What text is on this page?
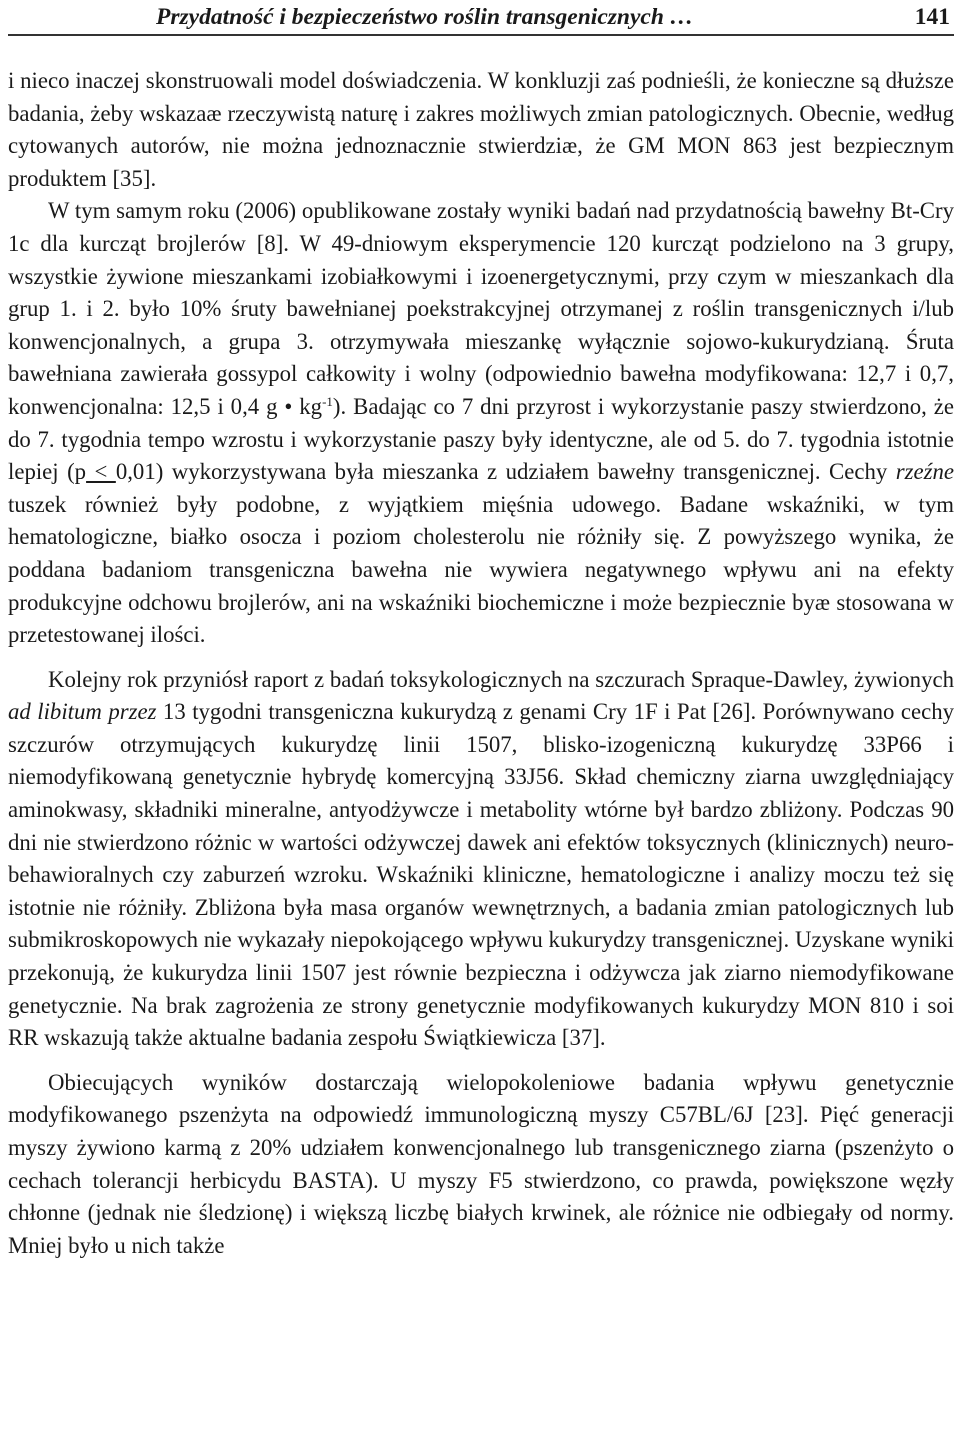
Przydatność i bezpieczeństwo roślin transgenicznych …	141

i nieco inaczej skonstruowali model doświadczenia. W konkluzji zaś podnieśli, że konieczne są dłuższe badania, żeby wskazaæ rzeczywistą naturę i zakres możliwych zmian patologicznych. Obecnie, według cytowanych autorów, nie można jednoznacznie stwierdziæ, że GM MON 863 jest bezpiecznym produktem [35].

W tym samym roku (2006) opublikowane zostały wyniki badań nad przydatnością bawełny Bt-Cry 1c dla kurcząt brojlerów [8]. W 49-dniowym eksperymencie 120 kurcząt podzielono na 3 grupy, wszystkie żywione mieszankami izobiałkowymi i izoenergetycznymi, przy czym w mieszankach dla grup 1. i 2. było 10% śruty bawełnianej poekstrakcyjnej otrzymanej z roślin transgenicznych i/lub konwencjonalnych, a grupa 3. otrzymywała mieszankę wyłącznie sojowo-kukurydzianą. Śruta bawełniana zawierała gossypol całkowity i wolny (odpowiednio bawełna modyfikowana: 12,7 i 0,7, konwencjonalna: 12,5 i 0,4 g • $kg^{-1}$). Badając co 7 dni przyrost i wykorzystanie paszy stwierdzono, że do 7. tygodnia tempo wzrostu i wykorzystanie paszy były identyczne, ale od 5. do 7. tygodnia istotnie lepiej (p < 0,01) wykorzystywana była mieszanka z udziałem bawełny transgenicznej. Cechy rzeźne tuszek również były podobne, z wyjątkiem mięśnia udowego. Badane wskaźniki, w tym hematologiczne, białko osocza i poziom cholesterolu nie różniły się. Z powyższego wynika, że poddana badaniom transgeniczna bawełna nie wywiera negatywnego wpływu ani na efekty produkcyjne odchowu brojlerów, ani na wskaźniki biochemiczne i może bezpiecznie byæ stosowana w przetestowanej ilości.

Kolejny rok przyniósł raport z badań toksykologicznych na szczurach Spraque-Dawley, żywionych ad libitum przez 13 tygodni transgeniczna kukurydzą z genami Cry 1F i Pat [26]. Porównywano cechy szczurów otrzymujących kukurydzę linii 1507, blisko-izogeniczną kukurydzę 33P66 i niemodyfikowaną genetycznie hybrydę komercyjną 33J56. Skład chemiczny ziarna uwzględniający aminokwasy, składniki mineralne, antyodżywcze i metabolity wtórne był bardzo zbliżony. Podczas 90 dni nie stwierdzono różnic w wartości odżywczej dawek ani efektów toksycznych (klinicznych) neuro-behawioralnych czy zaburzeń wzroku. Wskaźniki kliniczne, hematologiczne i analizy moczu też się istotnie nie różniły. Zbliżona była masa organów wewnętrznych, a badania zmian patologicznych lub submikroskopowych nie wykazały niepokojącego wpływu kukurydzy transgenicznej. Uzyskane wyniki przekonują, że kukurydza linii 1507 jest równie bezpieczna i odżywcza jak ziarno niemodyfikowane genetycznie. Na brak zagrożenia ze strony genetycznie modyfikowanych kukurydzy MON 810 i soi RR wskazują także aktualne badania zespołu Świątkiewicza [37].

Obiecujących wyników dostarczają wielopokoleniowe badania wpływu genetycznie modyfikowanego pszenżyta na odpowiedź immunologiczną myszy C57BL/6J [23]. Pięć generacji myszy żywiono karmą z 20% udziałem konwencjonalnego lub transgenicznego ziarna (pszenżyto o cechach tolerancji herbicydu BASTA). U myszy F5 stwierdzono, co prawda, powiększone węzły chłonne (jednak nie śledzionę) i większą liczbę białych krwinek, ale różnice nie odbiegały od normy. Mniej było u nich także
